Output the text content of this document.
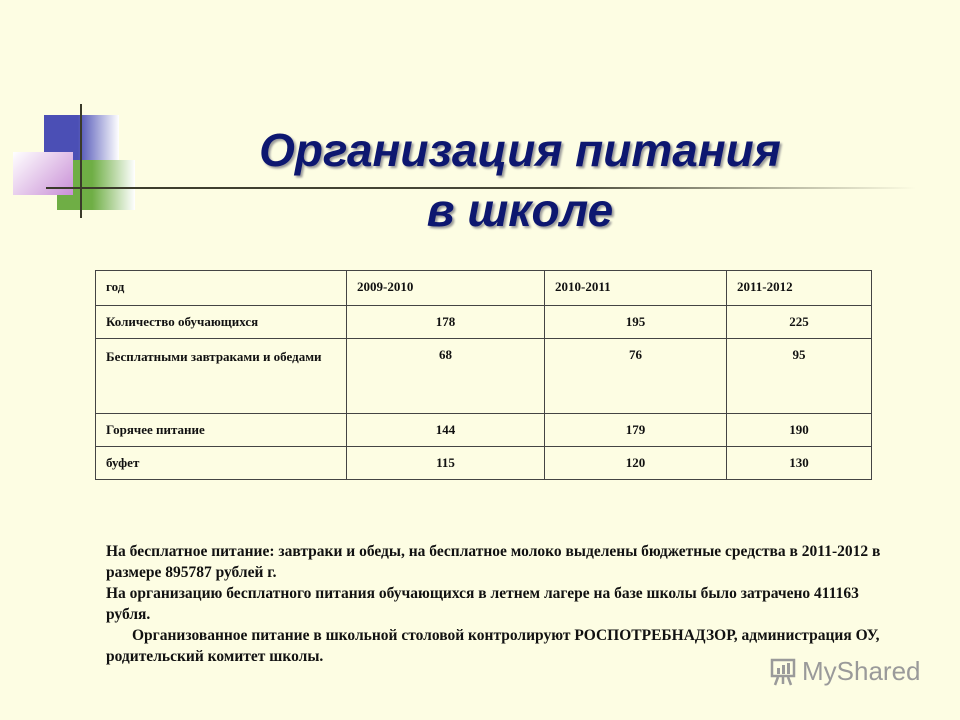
Организация питания
в школе
год	2009-2010	2010-2011	2011-2012
Количество обучающихся	178	195	225
Бесплатными завтраками и обедами	68	76	95
Горячее питание	144	179	190
буфет	115	120	130

На бесплатное питание: завтраки и обеды, на бесплатное молоко выделены бюджетные средства в 2011-2012 в размере 895787 рублей г.

На организацию бесплатного питания обучающихся в летнем лагере на базе школы было затрачено 411163 рубля.

Организованное питание в школьной столовой контролируют РОСПОТРЕБНАДЗОР, администрация ОУ, родительский комитет школы.	MyShared
